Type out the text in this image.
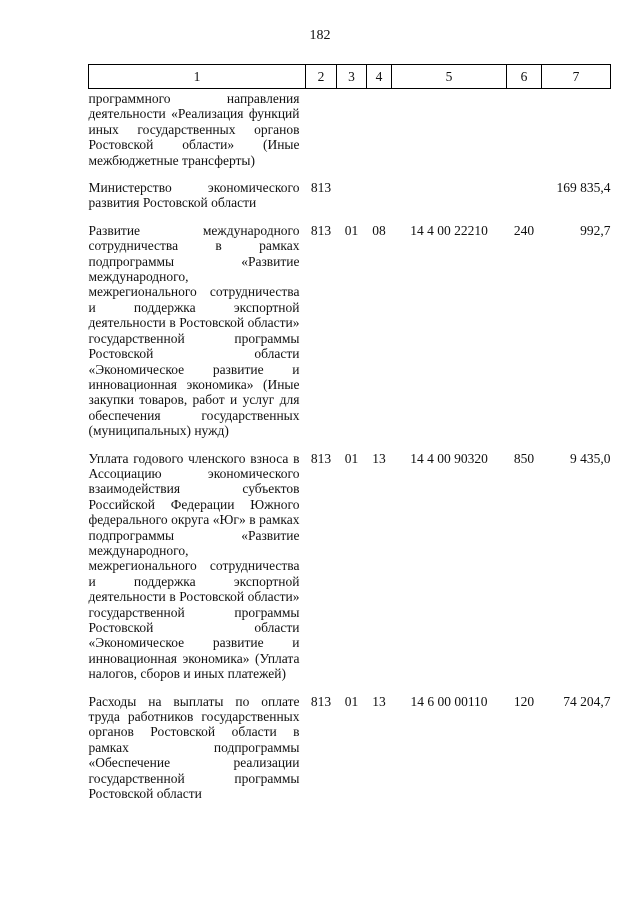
182
1	2	3	4	5	6	7
программного направления деятельности «Реализация функций иных государственных органов Ростовской области» (Иные межбюджетные трансферты)						
Министерство экономического развития Ростовской области	813					169 835,4
Развитие международного сотрудничества в рамках подпрограммы «Развитие международного, межрегионального сотрудничества и поддержка экспортной деятельности в Ростовской области» государственной программы Ростовской области «Экономическое развитие и инновационная экономика» (Иные закупки товаров, работ и услуг для обеспечения государственных (муниципальных) нужд)	813	01	08	14 4 00 22210	240	992,7
Уплата годового членского взноса в Ассоциацию экономического взаимодействия субъектов Российской Федерации Южного федерального округа «Юг» в рамках подпрограммы «Развитие международного, межрегионального сотрудничества и поддержка экспортной деятельности в Ростовской области» государственной программы Ростовской области «Экономическое развитие и инновационная экономика» (Уплата налогов, сборов и иных платежей)	813	01	13	14 4 00 90320	850	9 435,0
Расходы на выплаты по оплате труда работников государственных органов Ростовской области в рамках подпрограммы «Обеспечение реализации государственной программы Ростовской области	813	01	13	14 6 00 00110	120	74 204,7
